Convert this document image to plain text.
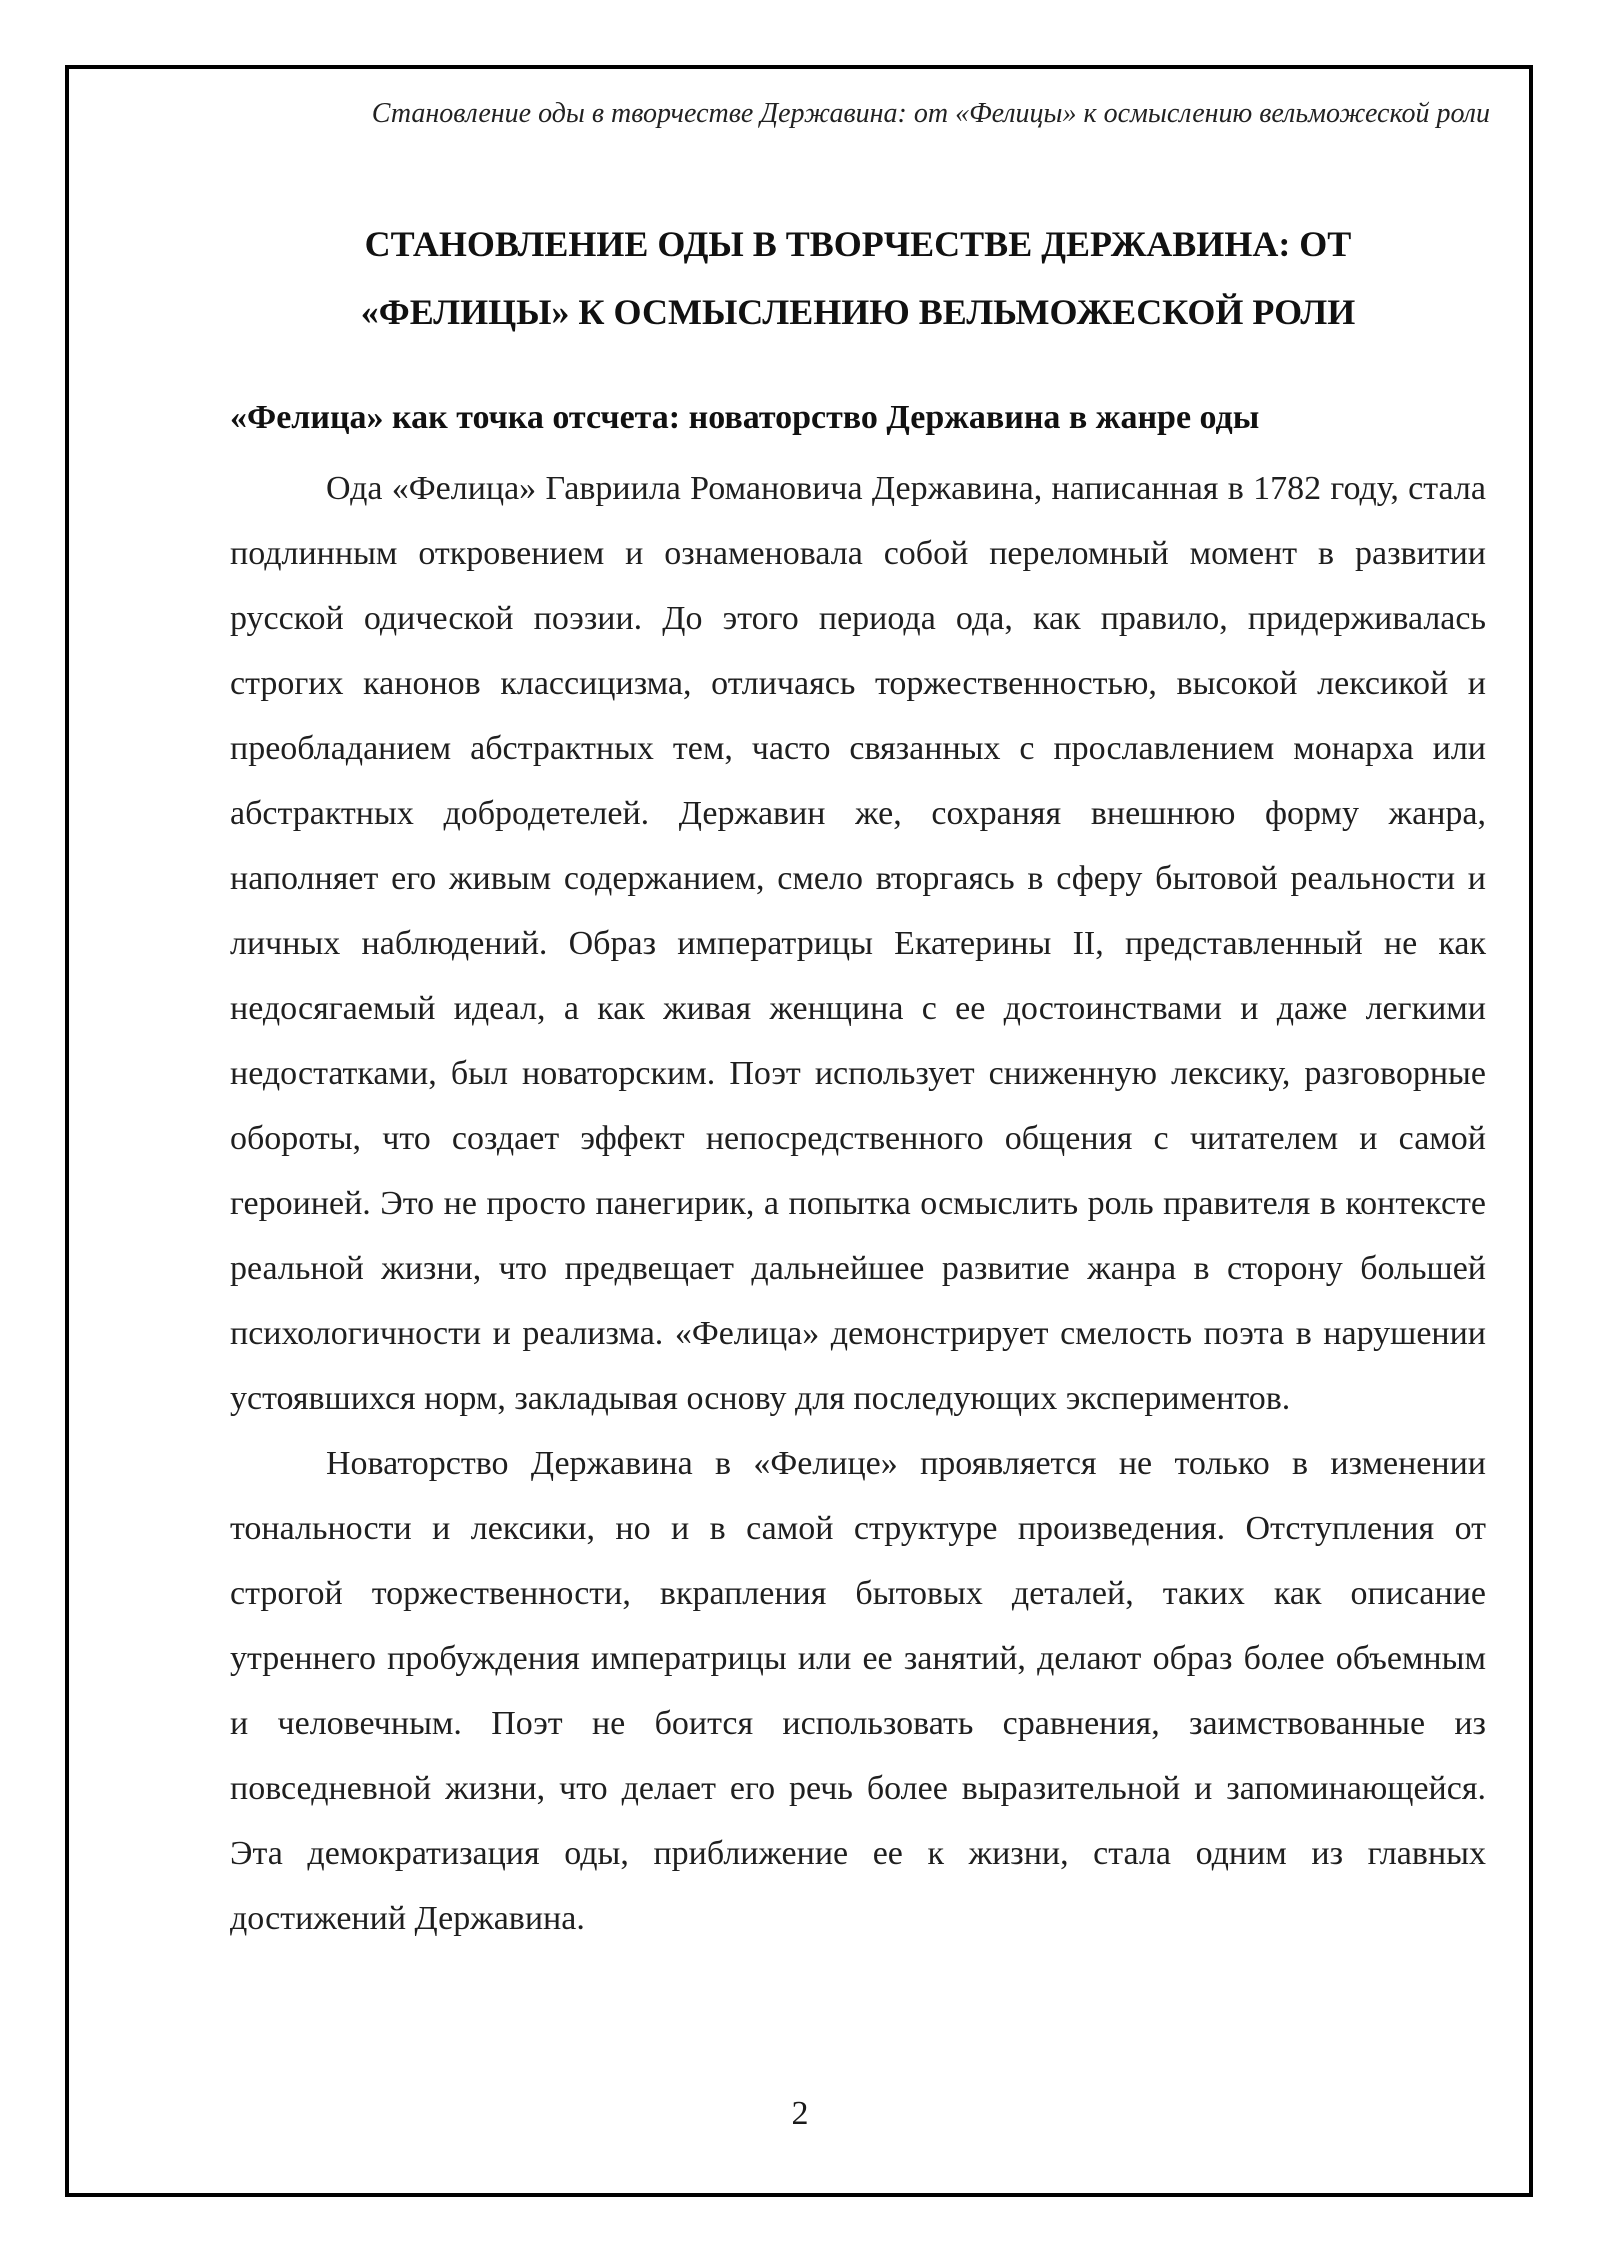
Становление оды в творчестве Державина: от «Фелицы» к осмыслению вельможеской роли
СТАНОВЛЕНИЕ ОДЫ В ТВОРЧЕСТВЕ ДЕРЖАВИНА: ОТ
«ФЕЛИЦЫ» К ОСМЫСЛЕНИЮ ВЕЛЬМОЖЕСКОЙ РОЛИ
«Фелица» как точка отсчета: новаторство Державина в жанре оды

Ода «Фелица» Гавриила Романовича Державина, написанная в 1782 году, стала подлинным откровением и ознаменовала собой переломный момент в развитии русской одической поэзии. До этого периода ода, как правило, придерживалась строгих канонов классицизма, отличаясь торжественностью, высокой лексикой и преобладанием абстрактных тем, часто связанных с прославлением монарха или абстрактных добродетелей. Державин же, сохраняя внешнюю форму жанра, наполняет его живым содержанием, смело вторгаясь в сферу бытовой реальности и личных наблюдений. Образ императрицы Екатерины II, представленный не как недосягаемый идеал, а как живая женщина с ее достоинствами и даже легкими недостатками, был новаторским. Поэт использует сниженную лексику, разговорные обороты, что создает эффект непосредственного общения с читателем и самой героиней. Это не просто панегирик, а попытка осмыслить роль правителя в контексте реальной жизни, что предвещает дальнейшее развитие жанра в сторону большей психологичности и реализма. «Фелица» демонстрирует смелость поэта в нарушении устоявшихся норм, закладывая основу для последующих экспериментов.

Новаторство Державина в «Фелице» проявляется не только в изменении тональности и лексики, но и в самой структуре произведения. Отступления от строгой торжественности, вкрапления бытовых деталей, таких как описание утреннего пробуждения императрицы или ее занятий, делают образ более объемным и человечным. Поэт не боится использовать сравнения, заимствованные из повседневной жизни, что делает его речь более выразительной и запоминающейся. Эта демократизация оды, приближение ее к жизни, стала одним из главных достижений Державина.

2
